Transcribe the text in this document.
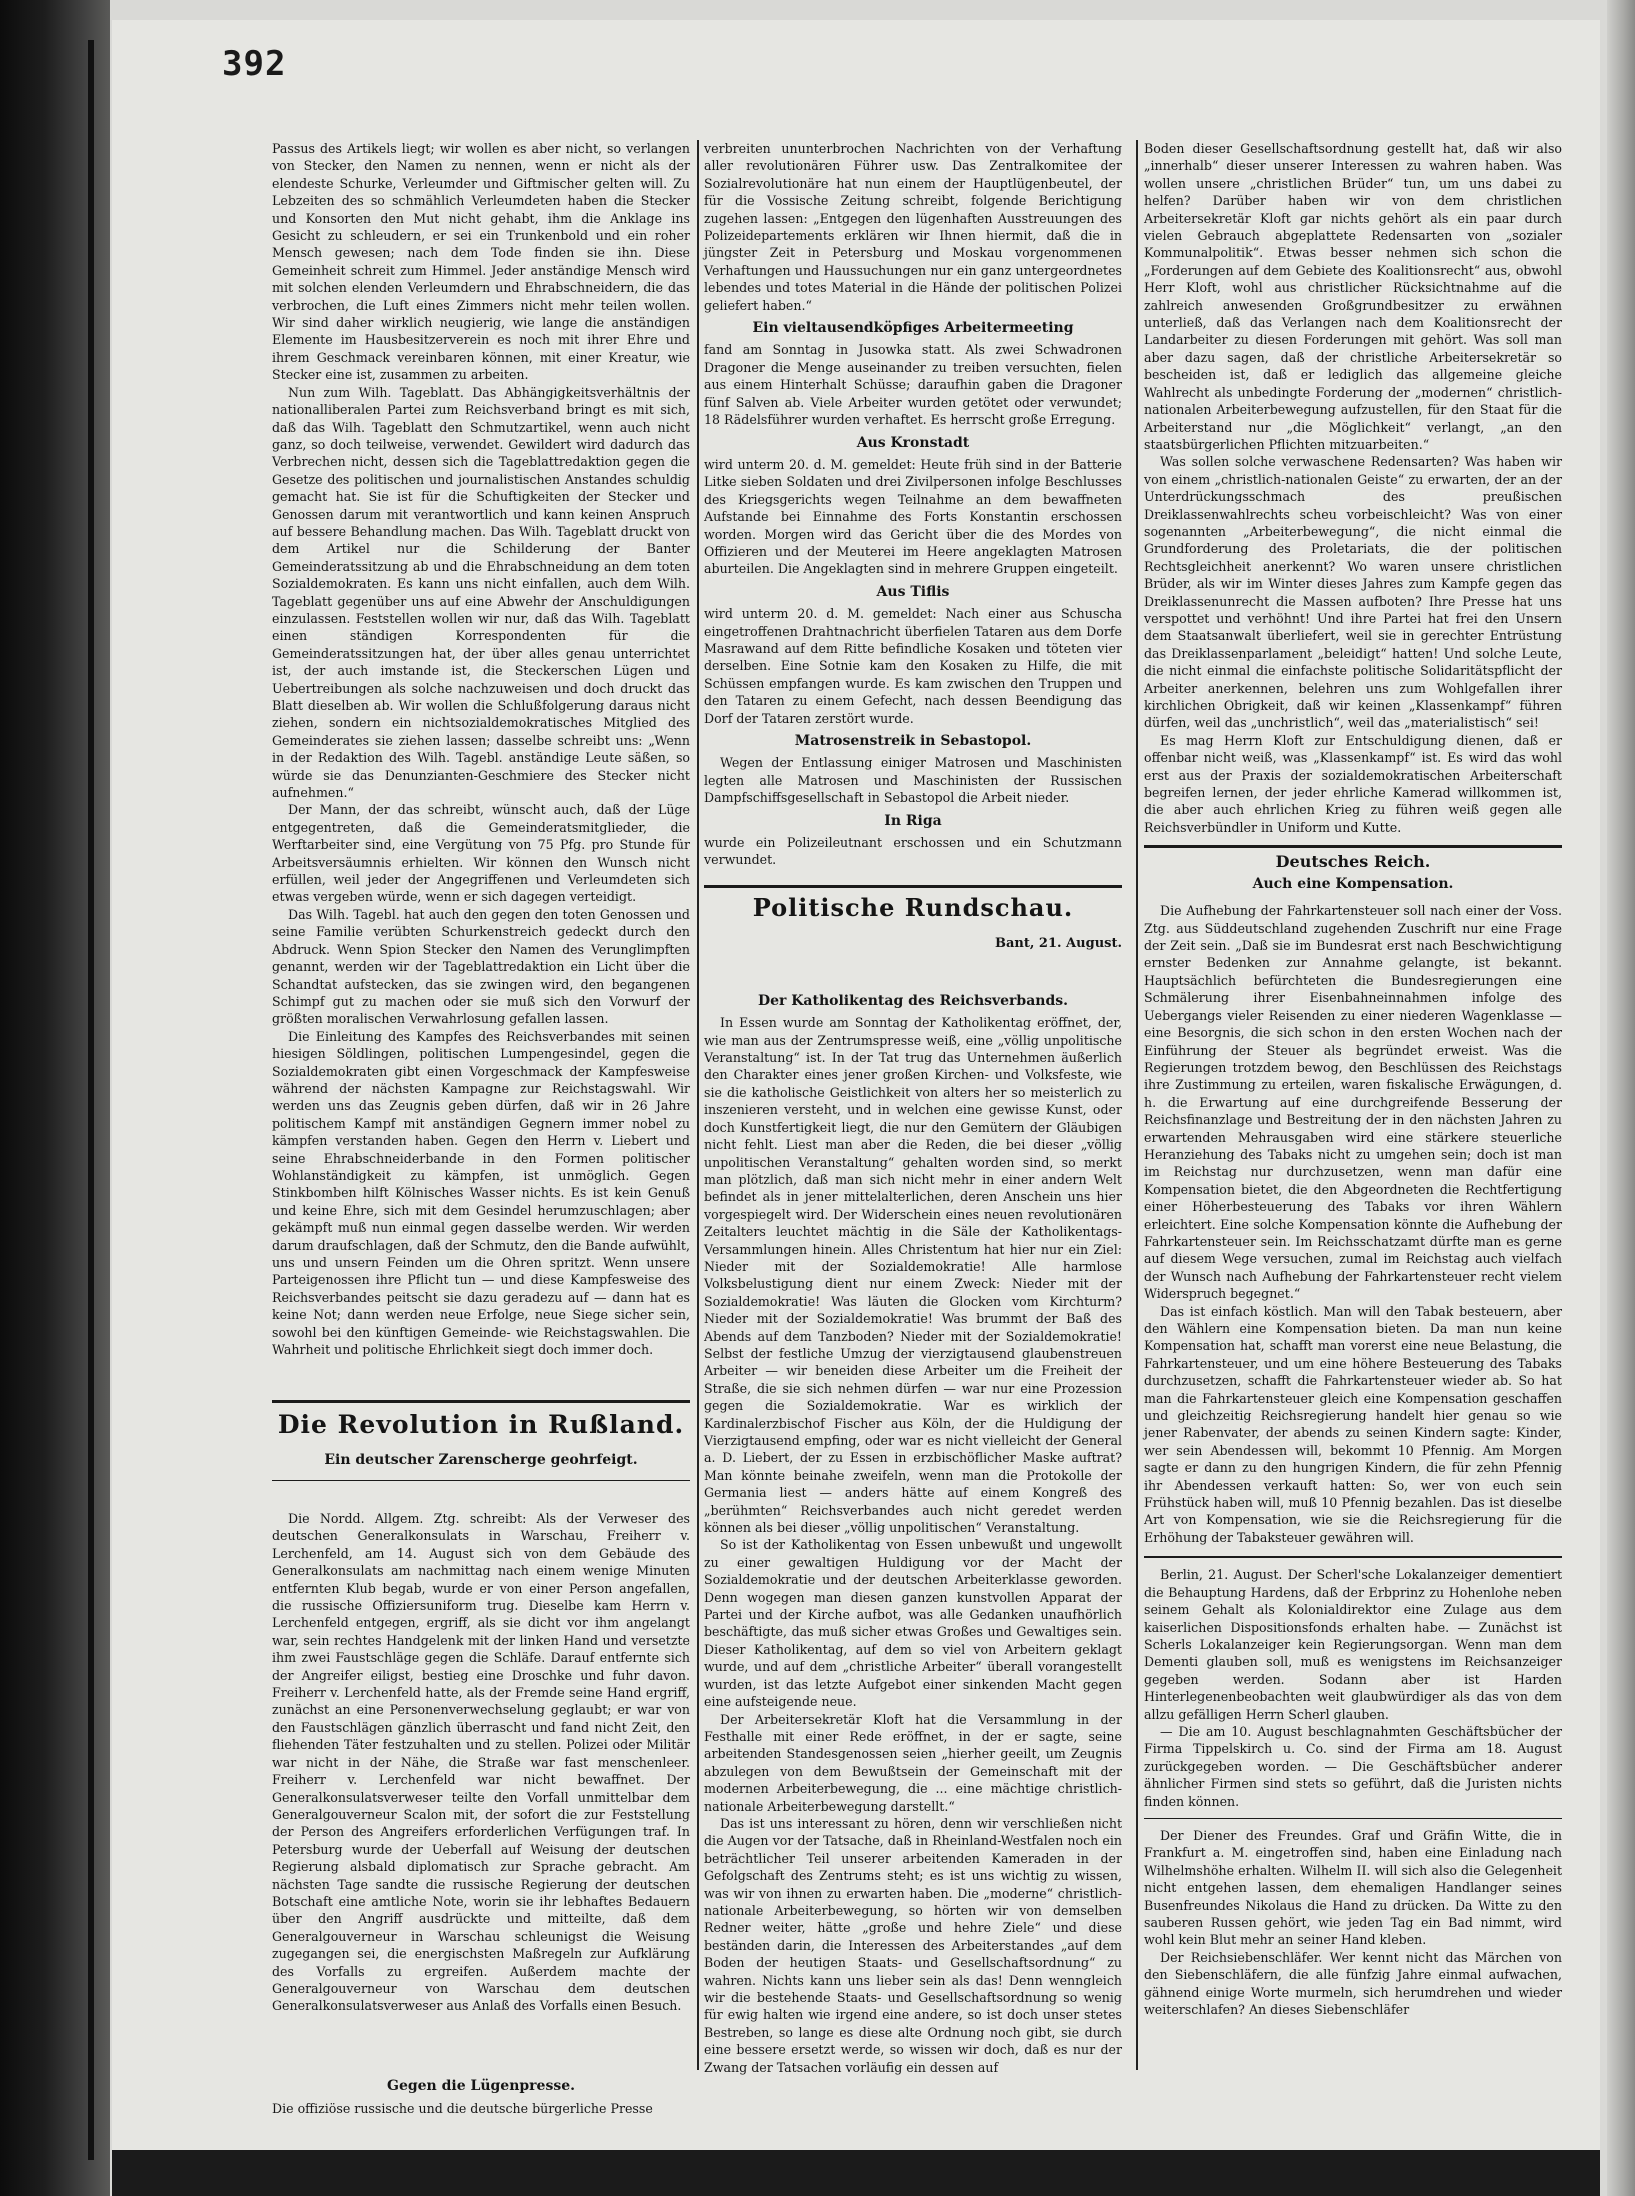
392

Passus des Artikels liegt; wir wollen es aber nicht, so verlangen von Stecker, den Namen zu nennen, wenn er nicht als der elendeste Schurke, Verleumder und Giftmischer gelten will. Zu Lebzeiten des so schmählich Verleumdeten haben die Stecker und Konsorten den Mut nicht gehabt, ihm die Anklage ins Gesicht zu schleudern, er sei ein Trunkenbold und ein roher Mensch gewesen; nach dem Tode finden sie ihn. Diese Gemeinheit schreit zum Himmel. Jeder anständige Mensch wird mit solchen elenden Verleumdern und Ehrabschneidern, die das verbrochen, die Luft eines Zimmers nicht mehr teilen wollen. Wir sind daher wirklich neugierig, wie lange die anständigen Elemente im Hausbesitzerverein es noch mit ihrer Ehre und ihrem Geschmack vereinbaren können, mit einer Kreatur, wie Stecker eine ist, zusammen zu arbeiten.

Nun zum Wilh. Tageblatt. Das Abhängigkeitsverhältnis der nationalliberalen Partei zum Reichsverband bringt es mit sich, daß das Wilh. Tageblatt den Schmutzartikel, wenn auch nicht ganz, so doch teilweise, verwendet. Gewildert wird dadurch das Verbrechen nicht, dessen sich die Tageblattredaktion gegen die Gesetze des politischen und journalistischen Anstandes schuldig gemacht hat. Sie ist für die Schuftigkeiten der Stecker und Genossen darum mit verantwortlich und kann keinen Anspruch auf bessere Behandlung machen. Das Wilh. Tageblatt druckt von dem Artikel nur die Schilderung der Banter Gemeinderatssitzung ab und die Ehrabschneidung an dem toten Sozialdemokraten. Es kann uns nicht einfallen, auch dem Wilh. Tageblatt gegenüber uns auf eine Abwehr der Anschuldigungen einzulassen. Feststellen wollen wir nur, daß das Wilh. Tageblatt einen ständigen Korrespondenten für die Gemeinderatssitzungen hat, der über alles genau unterrichtet ist, der auch imstande ist, die Steckerschen Lügen und Uebertreibungen als solche nachzuweisen und doch druckt das Blatt dieselben ab. Wir wollen die Schlußfolgerung daraus nicht ziehen, sondern ein nichtsozialdemokratisches Mitglied des Gemeinderates sie ziehen lassen; dasselbe schreibt uns: „Wenn in der Redaktion des Wilh. Tagebl. anständige Leute säßen, so würde sie das Denunzianten-Geschmiere des Stecker nicht aufnehmen.“

Der Mann, der das schreibt, wünscht auch, daß der Lüge entgegentreten, daß die Gemeinderatsmitglieder, die Werftarbeiter sind, eine Vergütung von 75 Pfg. pro Stunde für Arbeitsversäumnis erhielten. Wir können den Wunsch nicht erfüllen, weil jeder der Angegriffenen und Verleumdeten sich etwas vergeben würde, wenn er sich dagegen verteidigt.

Das Wilh. Tagebl. hat auch den gegen den toten Genossen und seine Familie verübten Schurkenstreich gedeckt durch den Abdruck. Wenn Spion Stecker den Namen des Verunglimpften genannt, werden wir der Tageblattredaktion ein Licht über die Schandtat aufstecken, das sie zwingen wird, den begangenen Schimpf gut zu machen oder sie muß sich den Vorwurf der größten moralischen Verwahrlosung gefallen lassen.

Die Einleitung des Kampfes des Reichsverbandes mit seinen hiesigen Söldlingen, politischen Lumpengesindel, gegen die Sozialdemokraten gibt einen Vorgeschmack der Kampfesweise während der nächsten Kampagne zur Reichstagswahl. Wir werden uns das Zeugnis geben dürfen, daß wir in 26 Jahre politischem Kampf mit anständigen Gegnern immer nobel zu kämpfen verstanden haben. Gegen den Herrn v. Liebert und seine Ehrabschneiderbande in den Formen politischer Wohlanständigkeit zu kämpfen, ist unmöglich. Gegen Stinkbomben hilft Kölnisches Wasser nichts. Es ist kein Genuß und keine Ehre, sich mit dem Gesindel herumzuschlagen; aber gekämpft muß nun einmal gegen dasselbe werden. Wir werden darum draufschlagen, daß der Schmutz, den die Bande aufwühlt, uns und unsern Feinden um die Ohren spritzt. Wenn unsere Parteigenossen ihre Pflicht tun — und diese Kampfesweise des Reichsverbandes peitscht sie dazu geradezu auf — dann hat es keine Not; dann werden neue Erfolge, neue Siege sicher sein, sowohl bei den künftigen Gemeinde- wie Reichstagswahlen. Die Wahrheit und politische Ehrlichkeit siegt doch immer doch.

Die Revolution in Rußland.
Ein deutscher Zarenscherge geohrfeigt.

Die Nordd. Allgem. Ztg. schreibt: Als der Verweser des deutschen Generalkonsulats in Warschau, Freiherr v. Lerchenfeld, am 14. August sich von dem Gebäude des Generalkonsulats am nachmittag nach einem wenige Minuten entfernten Klub begab, wurde er von einer Person angefallen, die russische Offiziersuniform trug. Dieselbe kam Herrn v. Lerchenfeld entgegen, ergriff, als sie dicht vor ihm angelangt war, sein rechtes Handgelenk mit der linken Hand und versetzte ihm zwei Faustschläge gegen die Schläfe. Darauf entfernte sich der Angreifer eiligst, bestieg eine Droschke und fuhr davon. Freiherr v. Lerchenfeld hatte, als der Fremde seine Hand ergriff, zunächst an eine Personenverwechselung geglaubt; er war von den Faustschlägen gänzlich überrascht und fand nicht Zeit, den fliehenden Täter festzuhalten und zu stellen. Polizei oder Militär war nicht in der Nähe, die Straße war fast menschenleer. Freiherr v. Lerchenfeld war nicht bewaffnet. Der Generalkonsulatsverweser teilte den Vorfall unmittelbar dem Generalgouverneur Scalon mit, der sofort die zur Feststellung der Person des Angreifers erforderlichen Verfügungen traf. In Petersburg wurde der Ueberfall auf Weisung der deutschen Regierung alsbald diplomatisch zur Sprache gebracht. Am nächsten Tage sandte die russische Regierung der deutschen Botschaft eine amtliche Note, worin sie ihr lebhaftes Bedauern über den Angriff ausdrückte und mitteilte, daß dem Generalgouverneur in Warschau schleunigst die Weisung zugegangen sei, die energischsten Maßregeln zur Aufklärung des Vorfalls zu ergreifen. Außerdem machte der Generalgouverneur von Warschau dem deutschen Generalkonsulatsverweser aus Anlaß des Vorfalls einen Besuch.

Gegen die Lügenpresse.
Die offiziöse russische und die deutsche bürgerliche Presse

verbreiten ununterbrochen Nachrichten von der Verhaftung aller revolutionären Führer usw. Das Zentralkomitee der Sozialrevolutionäre hat nun einem der Hauptlügenbeutel, der für die Vossische Zeitung schreibt, folgende Berichtigung zugehen lassen: „Entgegen den lügenhaften Ausstreuungen des Polizeidepartements erklären wir Ihnen hiermit, daß die in jüngster Zeit in Petersburg und Moskau vorgenommenen Verhaftungen und Haussuchungen nur ein ganz untergeordnetes lebendes und totes Material in die Hände der politischen Polizei geliefert haben.“

Ein vieltausendköpfiges Arbeitermeeting

fand am Sonntag in Jusowka statt. Als zwei Schwadronen Dragoner die Menge auseinander zu treiben versuchten, fielen aus einem Hinterhalt Schüsse; daraufhin gaben die Dragoner fünf Salven ab. Viele Arbeiter wurden getötet oder verwundet; 18 Rädelsführer wurden verhaftet. Es herrscht große Erregung.

Aus Kronstadt

wird unterm 20. d. M. gemeldet: Heute früh sind in der Batterie Litke sieben Soldaten und drei Zivilpersonen infolge Beschlusses des Kriegsgerichts wegen Teilnahme an dem bewaffneten Aufstande bei Einnahme des Forts Konstantin erschossen worden. Morgen wird das Gericht über die des Mordes von Offizieren und der Meuterei im Heere angeklagten Matrosen aburteilen. Die Angeklagten sind in mehrere Gruppen eingeteilt.

Aus Tiflis

wird unterm 20. d. M. gemeldet: Nach einer aus Schuscha eingetroffenen Drahtnachricht überfielen Tataren aus dem Dorfe Masrawand auf dem Ritte befindliche Kosaken und töteten vier derselben. Eine Sotnie kam den Kosaken zu Hilfe, die mit Schüssen empfangen wurde. Es kam zwischen den Truppen und den Tataren zu einem Gefecht, nach dessen Beendigung das Dorf der Tataren zerstört wurde.

Matrosenstreik in Sebastopol.

Wegen der Entlassung einiger Matrosen und Maschinisten legten alle Matrosen und Maschinisten der Russischen Dampfschiffsgesellschaft in Sebastopol die Arbeit nieder.

In Riga

wurde ein Polizeileutnant erschossen und ein Schutzmann verwundet.

Der Katholikentag des Reichsverbands.

In Essen wurde am Sonntag der Katholikentag eröffnet, der, wie man aus der Zentrumspresse weiß, eine „völlig unpolitische Veranstaltung“ ist. In der Tat trug das Unternehmen äußerlich den Charakter eines jener großen Kirchen- und Volksfeste, wie sie die katholische Geistlichkeit von alters her so meisterlich zu inszenieren versteht, und in welchen eine gewisse Kunst, oder doch Kunstfertigkeit liegt, die nur den Gemütern der Gläubigen nicht fehlt. Liest man aber die Reden, die bei dieser „völlig unpolitischen Veranstaltung“ gehalten worden sind, so merkt man plötzlich, daß man sich nicht mehr in einer andern Welt befindet als in jener mittelalterlichen, deren Anschein uns hier vorgespiegelt wird. Der Widerschein eines neuen revolutionären Zeitalters leuchtet mächtig in die Säle der Katholikentags-Versammlungen hinein. Alles Christentum hat hier nur ein Ziel: Nieder mit der Sozialdemokratie! Alle harmlose Volksbelustigung dient nur einem Zweck: Nieder mit der Sozialdemokratie! Was läuten die Glocken vom Kirchturm? Nieder mit der Sozialdemokratie! Was brummt der Baß des Abends auf dem Tanzboden? Nieder mit der Sozialdemokratie! Selbst der festliche Umzug der vierzigtausend glaubenstreuen Arbeiter — wir beneiden diese Arbeiter um die Freiheit der Straße, die sie sich nehmen dürfen — war nur eine Prozession gegen die Sozialdemokratie. War es wirklich der Kardinalerzbischof Fischer aus Köln, der die Huldigung der Vierzigtausend empfing, oder war es nicht vielleicht der General a. D. Liebert, der zu Essen in erzbischöflicher Maske auftrat? Man könnte beinahe zweifeln, wenn man die Protokolle der Germania liest — anders hätte auf einem Kongreß des „berühmten“ Reichsverbandes auch nicht geredet werden können als bei dieser „völlig unpolitischen“ Veranstaltung.

So ist der Katholikentag von Essen unbewußt und ungewollt zu einer gewaltigen Huldigung vor der Macht der Sozialdemokratie und der deutschen Arbeiterklasse geworden. Denn wogegen man diesen ganzen kunstvollen Apparat der Partei und der Kirche aufbot, was alle Gedanken unaufhörlich beschäftigte, das muß sicher etwas Großes und Gewaltiges sein. Dieser Katholikentag, auf dem so viel von Arbeitern geklagt wurde, und auf dem „christliche Arbeiter“ überall vorangestellt wurden, ist das letzte Aufgebot einer sinkenden Macht gegen eine aufsteigende neue.

Der Arbeitersekretär Kloft hat die Versammlung in der Festhalle mit einer Rede eröffnet, in der er sagte, seine arbeitenden Standesgenossen seien „hierher geeilt, um Zeugnis abzulegen von dem Bewußtsein der Gemeinschaft mit der modernen Arbeiterbewegung, die ... eine mächtige christlich-nationale Arbeiterbewegung darstellt.“

Das ist uns interessant zu hören, denn wir verschließen nicht die Augen vor der Tatsache, daß in Rheinland-Westfalen noch ein beträchtlicher Teil unserer arbeitenden Kameraden in der Gefolgschaft des Zentrums steht; es ist uns wichtig zu wissen, was wir von ihnen zu erwarten haben. Die „moderne“ christlich-nationale Arbeiterbewegung, so hörten wir von demselben Redner weiter, hätte „große und hehre Ziele“ und diese beständen darin, die Interessen des Arbeiterstandes „auf dem Boden der heutigen Staats- und Gesellschaftsordnung“ zu wahren. Nichts kann uns lieber sein als das! Denn wenngleich wir die bestehende Staats- und Gesellschaftsordnung so wenig für ewig halten wie irgend eine andere, so ist doch unser stetes Bestreben, so lange es diese alte Ordnung noch gibt, sie durch eine bessere ersetzt werde, so wissen wir doch, daß es nur der Zwang der Tatsachen vorläufig ein dessen auf

Politische Rundschau.
Bant, 21. August.

Boden dieser Gesellschaftsordnung gestellt hat, daß wir also „innerhalb“ dieser unserer Interessen zu wahren haben. Was wollen unsere „christlichen Brüder“ tun, um uns dabei zu helfen? Darüber haben wir von dem christlichen Arbeitersekretär Kloft gar nichts gehört als ein paar durch vielen Gebrauch abgeplattete Redensarten von „sozialer Kommunalpolitik“. Etwas besser nehmen sich schon die „Forderungen auf dem Gebiete des Koalitionsrecht“ aus, obwohl Herr Kloft, wohl aus christlicher Rücksichtnahme auf die zahlreich anwesenden Großgrundbesitzer zu erwähnen unterließ, daß das Verlangen nach dem Koalitionsrecht der Landarbeiter zu diesen Forderungen mit gehört. Was soll man aber dazu sagen, daß der christliche Arbeitersekretär so bescheiden ist, daß er lediglich das allgemeine gleiche Wahlrecht als unbedingte Forderung der „modernen“ christlich-nationalen Arbeiterbewegung aufzustellen, für den Staat für die Arbeiterstand nur „die Möglichkeit“ verlangt, „an den staatsbürgerlichen Pflichten mitzuarbeiten.“

Was sollen solche verwaschene Redensarten? Was haben wir von einem „christlich-nationalen Geiste“ zu erwarten, der an der Unterdrückungsschmach des preußischen Dreiklassenwahlrechts scheu vorbeischleicht? Was von einer sogenannten „Arbeiterbewegung“, die nicht einmal die Grundforderung des Proletariats, die der politischen Rechtsgleichheit anerkennt? Wo waren unsere christlichen Brüder, als wir im Winter dieses Jahres zum Kampfe gegen das Dreiklassenunrecht die Massen aufboten? Ihre Presse hat uns verspottet und verhöhnt! Und ihre Partei hat frei den Unsern dem Staatsanwalt überliefert, weil sie in gerechter Entrüstung das Dreiklassenparlament „beleidigt“ hatten! Und solche Leute, die nicht einmal die einfachste politische Solidaritätspflicht der Arbeiter anerkennen, belehren uns zum Wohlgefallen ihrer kirchlichen Obrigkeit, daß wir keinen „Klassenkampf“ führen dürfen, weil das „unchristlich“, weil das „materialistisch“ sei!

Es mag Herrn Kloft zur Entschuldigung dienen, daß er offenbar nicht weiß, was „Klassenkampf“ ist. Es wird das wohl erst aus der Praxis der sozialdemokratischen Arbeiterschaft begreifen lernen, der jeder ehrliche Kamerad willkommen ist, die aber auch ehrlichen Krieg zu führen weiß gegen alle Reichsverbündler in Uniform und Kutte.

Die Aufhebung der Fahrkartensteuer soll nach einer der Voss. Ztg. aus Süddeutschland zugehenden Zuschrift nur eine Frage der Zeit sein. „Daß sie im Bundesrat erst nach Beschwichtigung ernster Bedenken zur Annahme gelangte, ist bekannt. Hauptsächlich befürchteten die Bundesregierungen eine Schmälerung ihrer Eisenbahneinnahmen infolge des Uebergangs vieler Reisenden zu einer niederen Wagenklasse — eine Besorgnis, die sich schon in den ersten Wochen nach der Einführung der Steuer als begründet erweist. Was die Regierungen trotzdem bewog, den Beschlüssen des Reichstags ihre Zustimmung zu erteilen, waren fiskalische Erwägungen, d. h. die Erwartung auf eine durchgreifende Besserung der Reichsfinanzlage und Bestreitung der in den nächsten Jahren zu erwartenden Mehrausgaben wird eine stärkere steuerliche Heranziehung des Tabaks nicht zu umgehen sein; doch ist man im Reichstag nur durchzusetzen, wenn man dafür eine Kompensation bietet, die den Abgeordneten die Rechtfertigung einer Höherbesteuerung des Tabaks vor ihren Wählern erleichtert. Eine solche Kompensation könnte die Aufhebung der Fahrkartensteuer sein. Im Reichsschatzamt dürfte man es gerne auf diesem Wege versuchen, zumal im Reichstag auch vielfach der Wunsch nach Aufhebung der Fahrkartensteuer recht vielem Widerspruch begegnet.“

Das ist einfach köstlich. Man will den Tabak besteuern, aber den Wählern eine Kompensation bieten. Da man nun keine Kompensation hat, schafft man vorerst eine neue Belastung, die Fahrkartensteuer, und um eine höhere Besteuerung des Tabaks durchzusetzen, schafft die Fahrkartensteuer wieder ab. So hat man die Fahrkartensteuer gleich eine Kompensation geschaffen und gleichzeitig Reichsregierung handelt hier genau so wie jener Rabenvater, der abends zu seinen Kindern sagte: Kinder, wer sein Abendessen will, bekommt 10 Pfennig. Am Morgen sagte er dann zu den hungrigen Kindern, die für zehn Pfennig ihr Abendessen verkauft hatten: So, wer von euch sein Frühstück haben will, muß 10 Pfennig bezahlen. Das ist dieselbe Art von Kompensation, wie sie die Reichsregierung für die Erhöhung der Tabaksteuer gewähren will.

Berlin, 21. August. Der Scherl'sche Lokalanzeiger dementiert die Behauptung Hardens, daß der Erbprinz zu Hohenlohe neben seinem Gehalt als Kolonialdirektor eine Zulage aus dem kaiserlichen Dispositionsfonds erhalten habe. — Zunächst ist Scherls Lokalanzeiger kein Regierungsorgan. Wenn man dem Dementi glauben soll, muß es wenigstens im Reichsanzeiger gegeben werden. Sodann aber ist Harden Hinterlegenenbeobachten weit glaubwürdiger als das von dem allzu gefälligen Herrn Scherl glauben.

— Die am 10. August beschlagnahmten Geschäftsbücher der Firma Tippelskirch u. Co. sind der Firma am 18. August zurückgegeben worden. — Die Geschäftsbücher anderer ähnlicher Firmen sind stets so geführt, daß die Juristen nichts finden können.

Der Diener des Freundes. Graf und Gräfin Witte, die in Frankfurt a. M. eingetroffen sind, haben eine Einladung nach Wilhelmshöhe erhalten. Wilhelm II. will sich also die Gelegenheit nicht entgehen lassen, dem ehemaligen Handlanger seines Busenfreundes Nikolaus die Hand zu drücken. Da Witte zu den sauberen Russen gehört, wie jeden Tag ein Bad nimmt, wird wohl kein Blut mehr an seiner Hand kleben.

Der Reichsiebenschläfer. Wer kennt nicht das Märchen von den Siebenschläfern, die alle fünfzig Jahre einmal aufwachen, gähnend einige Worte murmeln, sich herumdrehen und wieder weiterschlafen? An dieses Siebenschläfer

Deutsches Reich.
Auch eine Kompensation.
